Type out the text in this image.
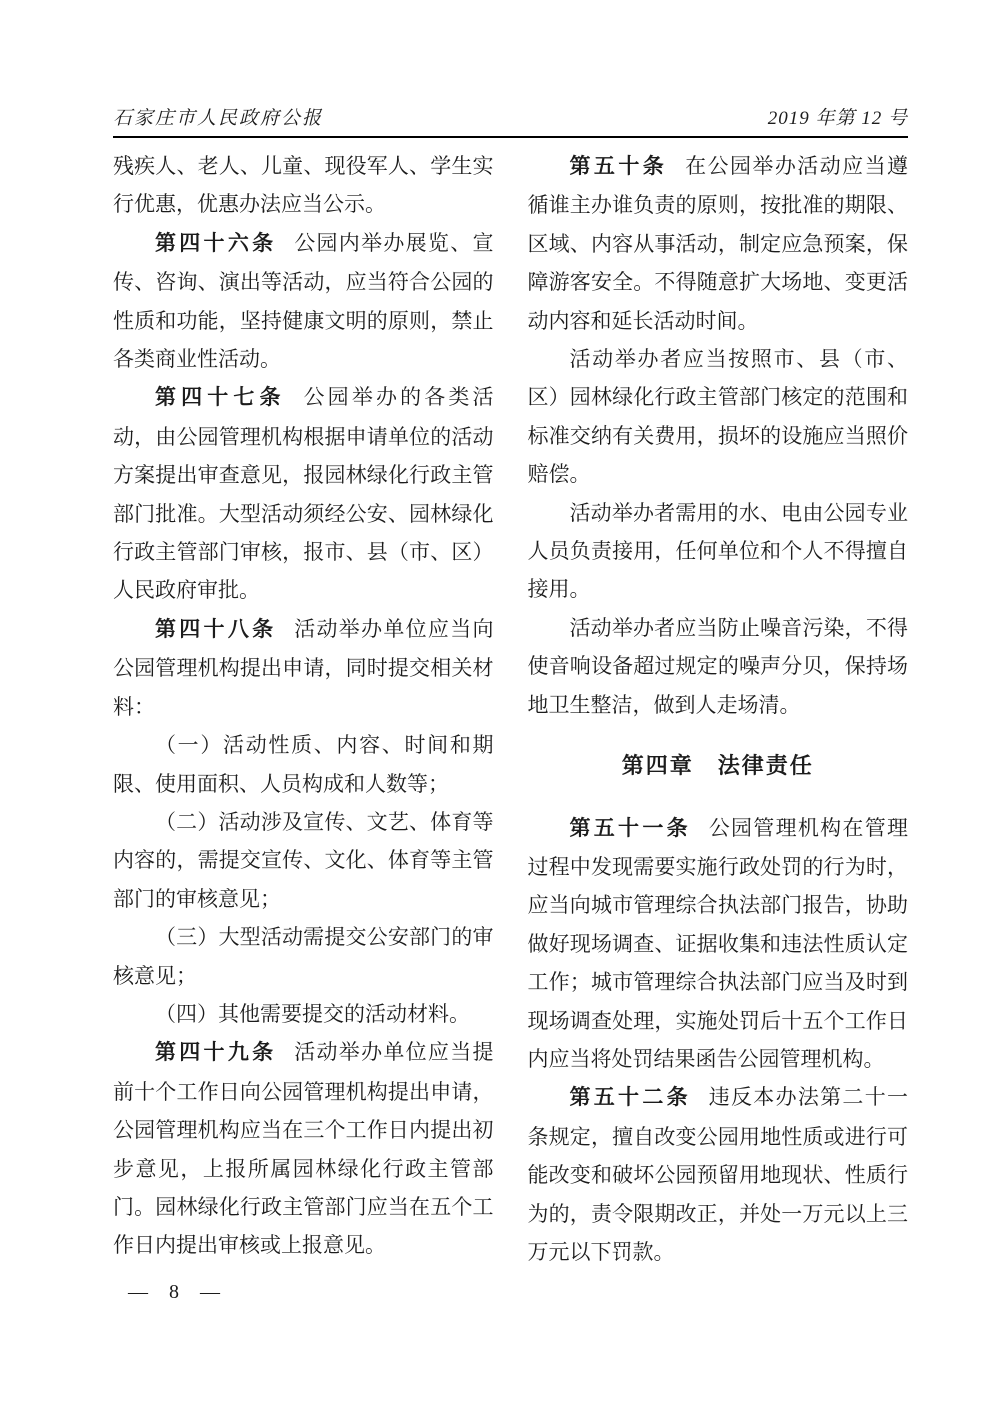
石家庄市人民政府公报	2019 年第 12 号

残疾人、老人、儿童、现役军人、学生实行优惠，优惠办法应当公示。

第四十六条 公园内举办展览、宣传、咨询、演出等活动，应当符合公园的性质和功能，坚持健康文明的原则，禁止各类商业性活动。

第四十七条 公园举办的各类活动，由公园管理机构根据申请单位的活动方案提出审查意见，报园林绿化行政主管部门批准。大型活动须经公安、园林绿化行政主管部门审核，报市、县（市、区）人民政府审批。

第四十八条 活动举办单位应当向公园管理机构提出申请，同时提交相关材料：

（一）活动性质、内容、时间和期限、使用面积、人员构成和人数等；

（二）活动涉及宣传、文艺、体育等内容的，需提交宣传、文化、体育等主管部门的审核意见；

（三）大型活动需提交公安部门的审核意见；

（四）其他需要提交的活动材料。

第四十九条 活动举办单位应当提前十个工作日向公园管理机构提出申请，公园管理机构应当在三个工作日内提出初步意见，上报所属园林绿化行政主管部门。园林绿化行政主管部门应当在五个工作日内提出审核或上报意见。

第五十条 在公园举办活动应当遵循谁主办谁负责的原则，按批准的期限、区域、内容从事活动，制定应急预案，保障游客安全。不得随意扩大场地、变更活动内容和延长活动时间。

活动举办者应当按照市、县（市、区）园林绿化行政主管部门核定的范围和标准交纳有关费用，损坏的设施应当照价赔偿。

活动举办者需用的水、电由公园专业人员负责接用，任何单位和个人不得擅自接用。

活动举办者应当防止噪音污染，不得使音响设备超过规定的噪声分贝，保持场地卫生整洁，做到人走场清。

第四章　法律责任

第五十一条 公园管理机构在管理过程中发现需要实施行政处罚的行为时，应当向城市管理综合执法部门报告，协助做好现场调查、证据收集和违法性质认定工作；城市管理综合执法部门应当及时到现场调查处理，实施处罚后十五个工作日内应当将处罚结果函告公园管理机构。

第五十二条 违反本办法第二十一条规定，擅自改变公园用地性质或进行可能改变和破坏公园预留用地现状、性质行为的，责令限期改正，并处一万元以上三万元以下罚款。

— 8 —
